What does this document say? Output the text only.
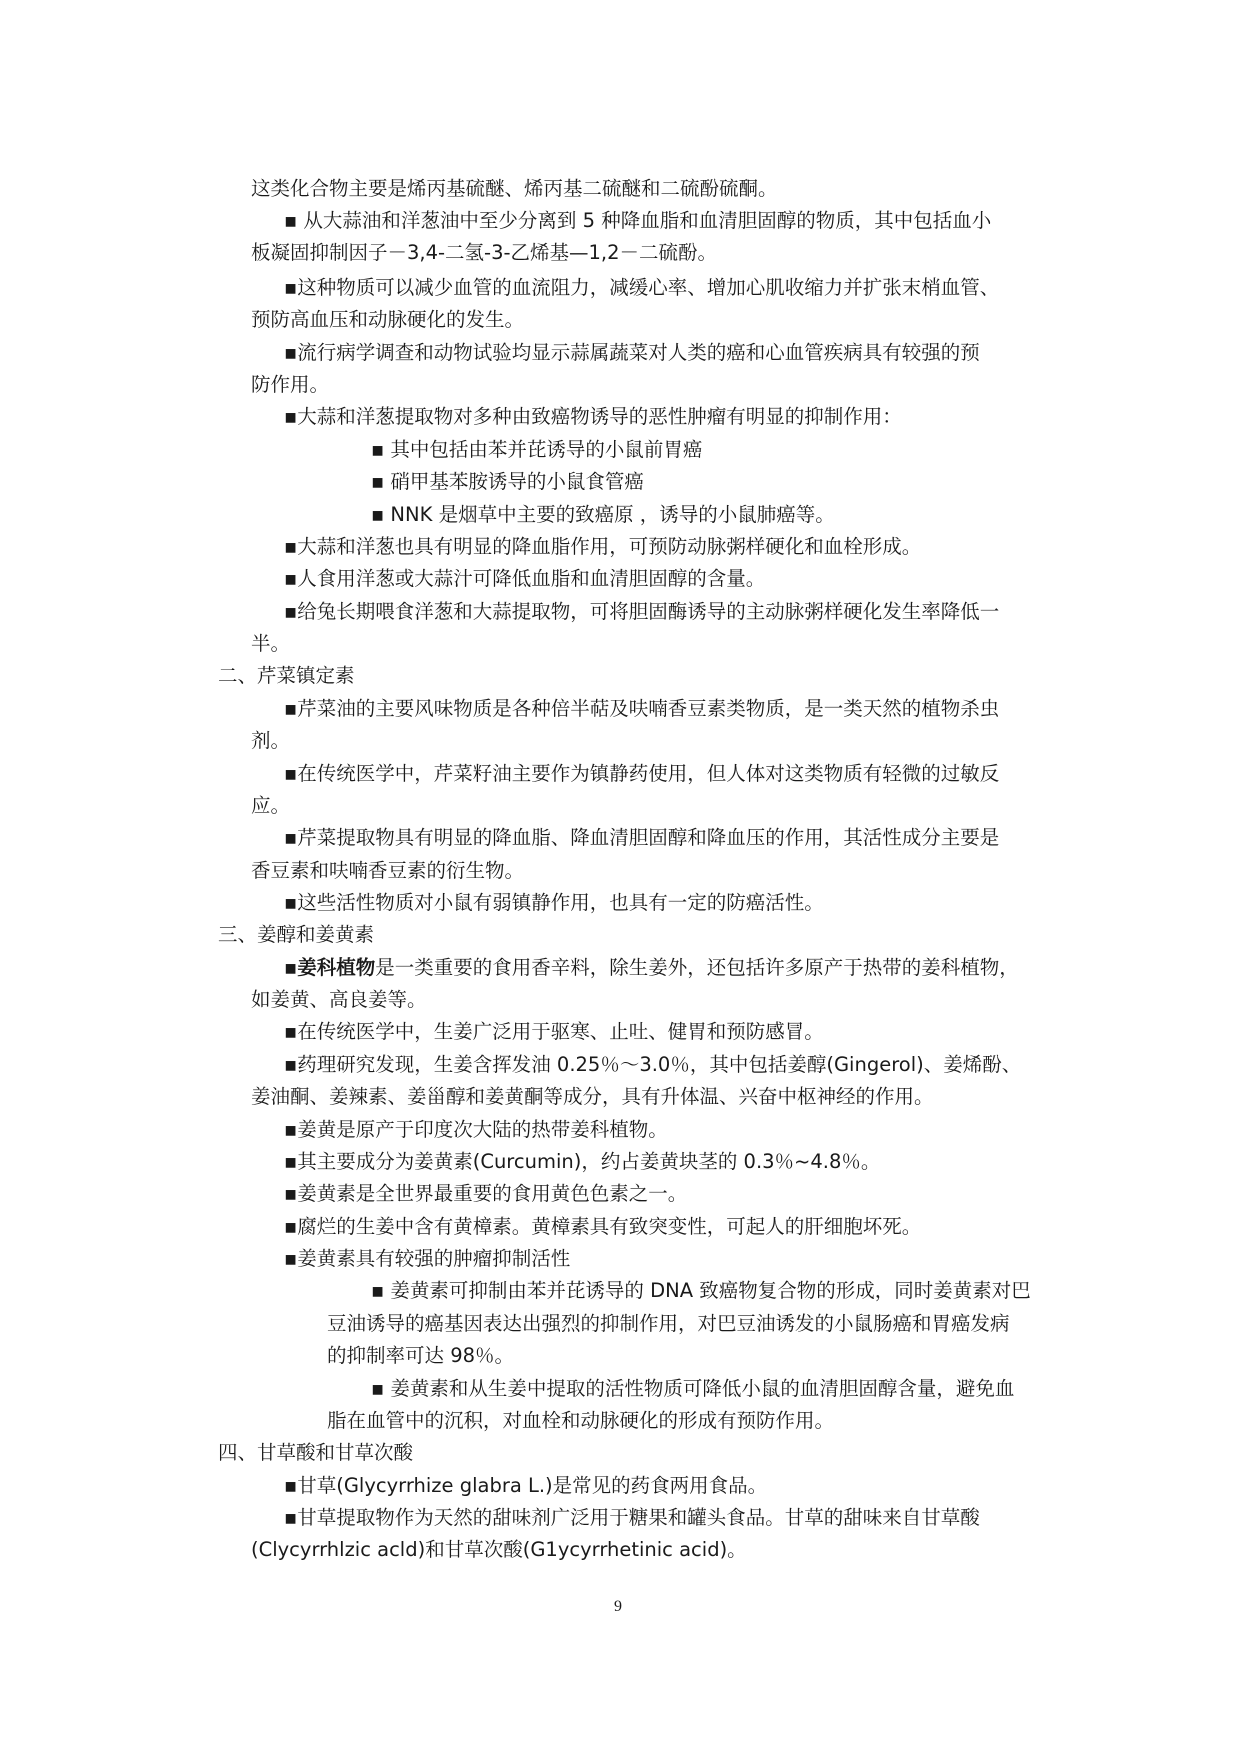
这类化合物主要是烯丙基硫醚、烯丙基二硫醚和二硫酚硫酮。
▪ 从大蒜油和洋葱油中至少分离到 5 种降血脂和血清胆固醇的物质，其中包括血小
板凝固抑制因子－3,4-二氢-3-乙烯基—1,2－二硫酚。
▪这种物质可以减少血管的血流阻力，减缓心率、增加心肌收缩力并扩张末梢血管、
预防高血压和动脉硬化的发生。
▪流行病学调查和动物试验均显示蒜属蔬菜对人类的癌和心血管疾病具有较强的预
防作用。
▪大蒜和洋葱提取物对多种由致癌物诱导的恶性肿瘤有明显的抑制作用：
▪ 其中包括由苯并芘诱导的小鼠前胃癌
▪ 硝甲基苯胺诱导的小鼠食管癌
▪ NNK 是烟草中主要的致癌原 ，诱导的小鼠肺癌等。
▪大蒜和洋葱也具有明显的降血脂作用，可预防动脉粥样硬化和血栓形成。
▪人食用洋葱或大蒜汁可降低血脂和血清胆固醇的含量。
▪给兔长期喂食洋葱和大蒜提取物，可将胆固酶诱导的主动脉粥样硬化发生率降低一
半。
二、芹菜镇定素
▪芹菜油的主要风味物质是各种倍半萜及呋喃香豆素类物质，是一类天然的植物杀虫
剂。
▪在传统医学中，芹菜籽油主要作为镇静药使用，但人体对这类物质有轻微的过敏反
应。
▪芹菜提取物具有明显的降血脂、降血清胆固醇和降血压的作用，其活性成分主要是
香豆素和呋喃香豆素的衍生物。
▪这些活性物质对小鼠有弱镇静作用，也具有一定的防癌活性。
三、姜醇和姜黄素
▪姜科植物是一类重要的食用香辛料，除生姜外，还包括许多原产于热带的姜科植物，
如姜黄、高良姜等。
▪在传统医学中，生姜广泛用于驱寒、止吐、健胃和预防感冒。
▪药理研究发现，生姜含挥发油 0.25％～3.0％，其中包括姜醇(Gingerol)、姜烯酚、
姜油酮、姜辣素、姜甾醇和姜黄酮等成分，具有升体温、兴奋中枢神经的作用。
▪姜黄是原产于印度次大陆的热带姜科植物。
▪其主要成分为姜黄素(Curcumin)，约占姜黄块茎的 0.3％~4.8％。
▪姜黄素是全世界最重要的食用黄色色素之一。
▪腐烂的生姜中含有黄樟素。黄樟素具有致突变性，可起人的肝细胞坏死。
▪姜黄素具有较强的肿瘤抑制活性
▪ 姜黄素可抑制由苯并芘诱导的 DNA 致癌物复合物的形成，同时姜黄素对巴
豆油诱导的癌基因表达出强烈的抑制作用，对巴豆油诱发的小鼠肠癌和胃癌发病
的抑制率可达 98％。
▪ 姜黄素和从生姜中提取的活性物质可降低小鼠的血清胆固醇含量，避免血
脂在血管中的沉积，对血栓和动脉硬化的形成有预防作用。
四、甘草酸和甘草次酸
▪甘草(Glycyrrhize glabra L.)是常见的药食两用食品。
▪甘草提取物作为天然的甜味剂广泛用于糖果和罐头食品。甘草的甜味来自甘草酸
(Clycyrrhlzic acld)和甘草次酸(G1ycyrrhetinic acid)。
9
